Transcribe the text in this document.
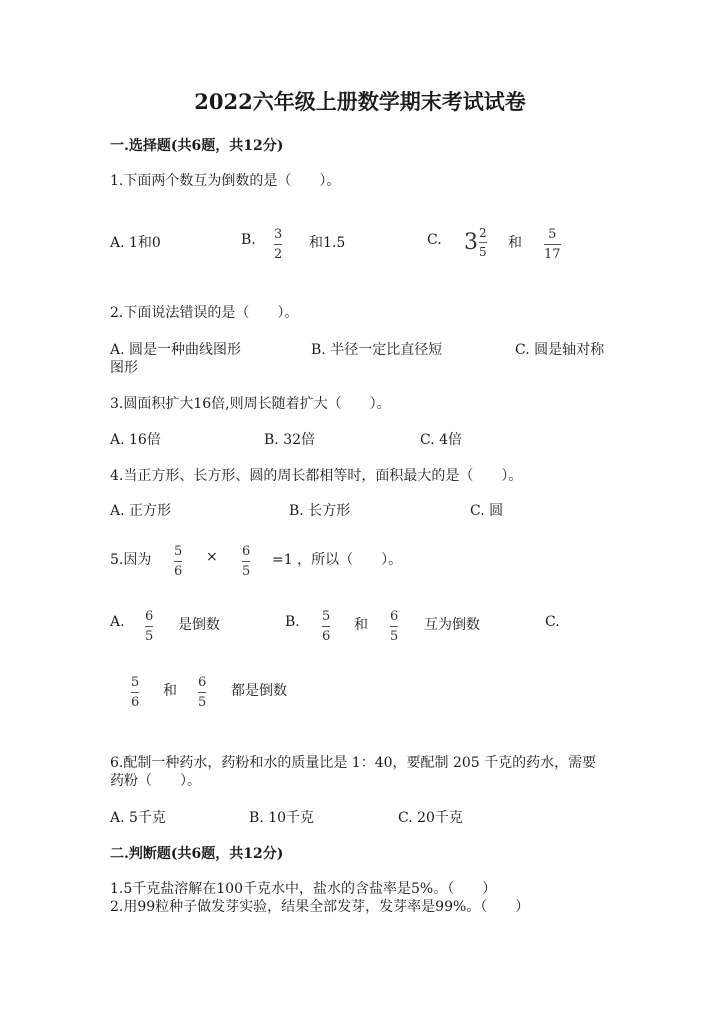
2022六年级上册数学期末考试试卷
一.选择题(共6题，共12分)
1.下面两个数互为倒数的是（　　）。
A. 1和0	B. 3
2
和1.5	C. $3 \frac{2}{5}$ 和
5
17
2.下面说法错误的是（　　）。
A. 圆是一种曲线图形	B. 半径一定比直径短	C. 圆是轴对称
图形
3.圆面积扩大16倍,则周长随着扩大（　　）。
A. 16倍	B. 32倍	C. 4倍
4.当正方形、长方形、圆的周长都相等时，面积最大的是（　　）。
A. 正方形	B. 长方形	C. 圆
5.因为
5
6
× 6
5
=1 ，所以（　　）。
A. 6
5
是倒数	B. 5
6
和
6
5
互为倒数	C.
5
6
和
6
5
都是倒数
6.配制一种药水，药粉和水的质量比是 1：40，要配制 205 千克的药水，需要
药粉（　　）。
A. 5千克	B. 10千克	C. 20千克
二.判断题(共6题，共12分)
1.5千克盐溶解在100千克水中，盐水的含盐率是5%。（　　）
2.用99粒种子做发芽实验，结果全部发芽，发芽率是99%。（　　）
